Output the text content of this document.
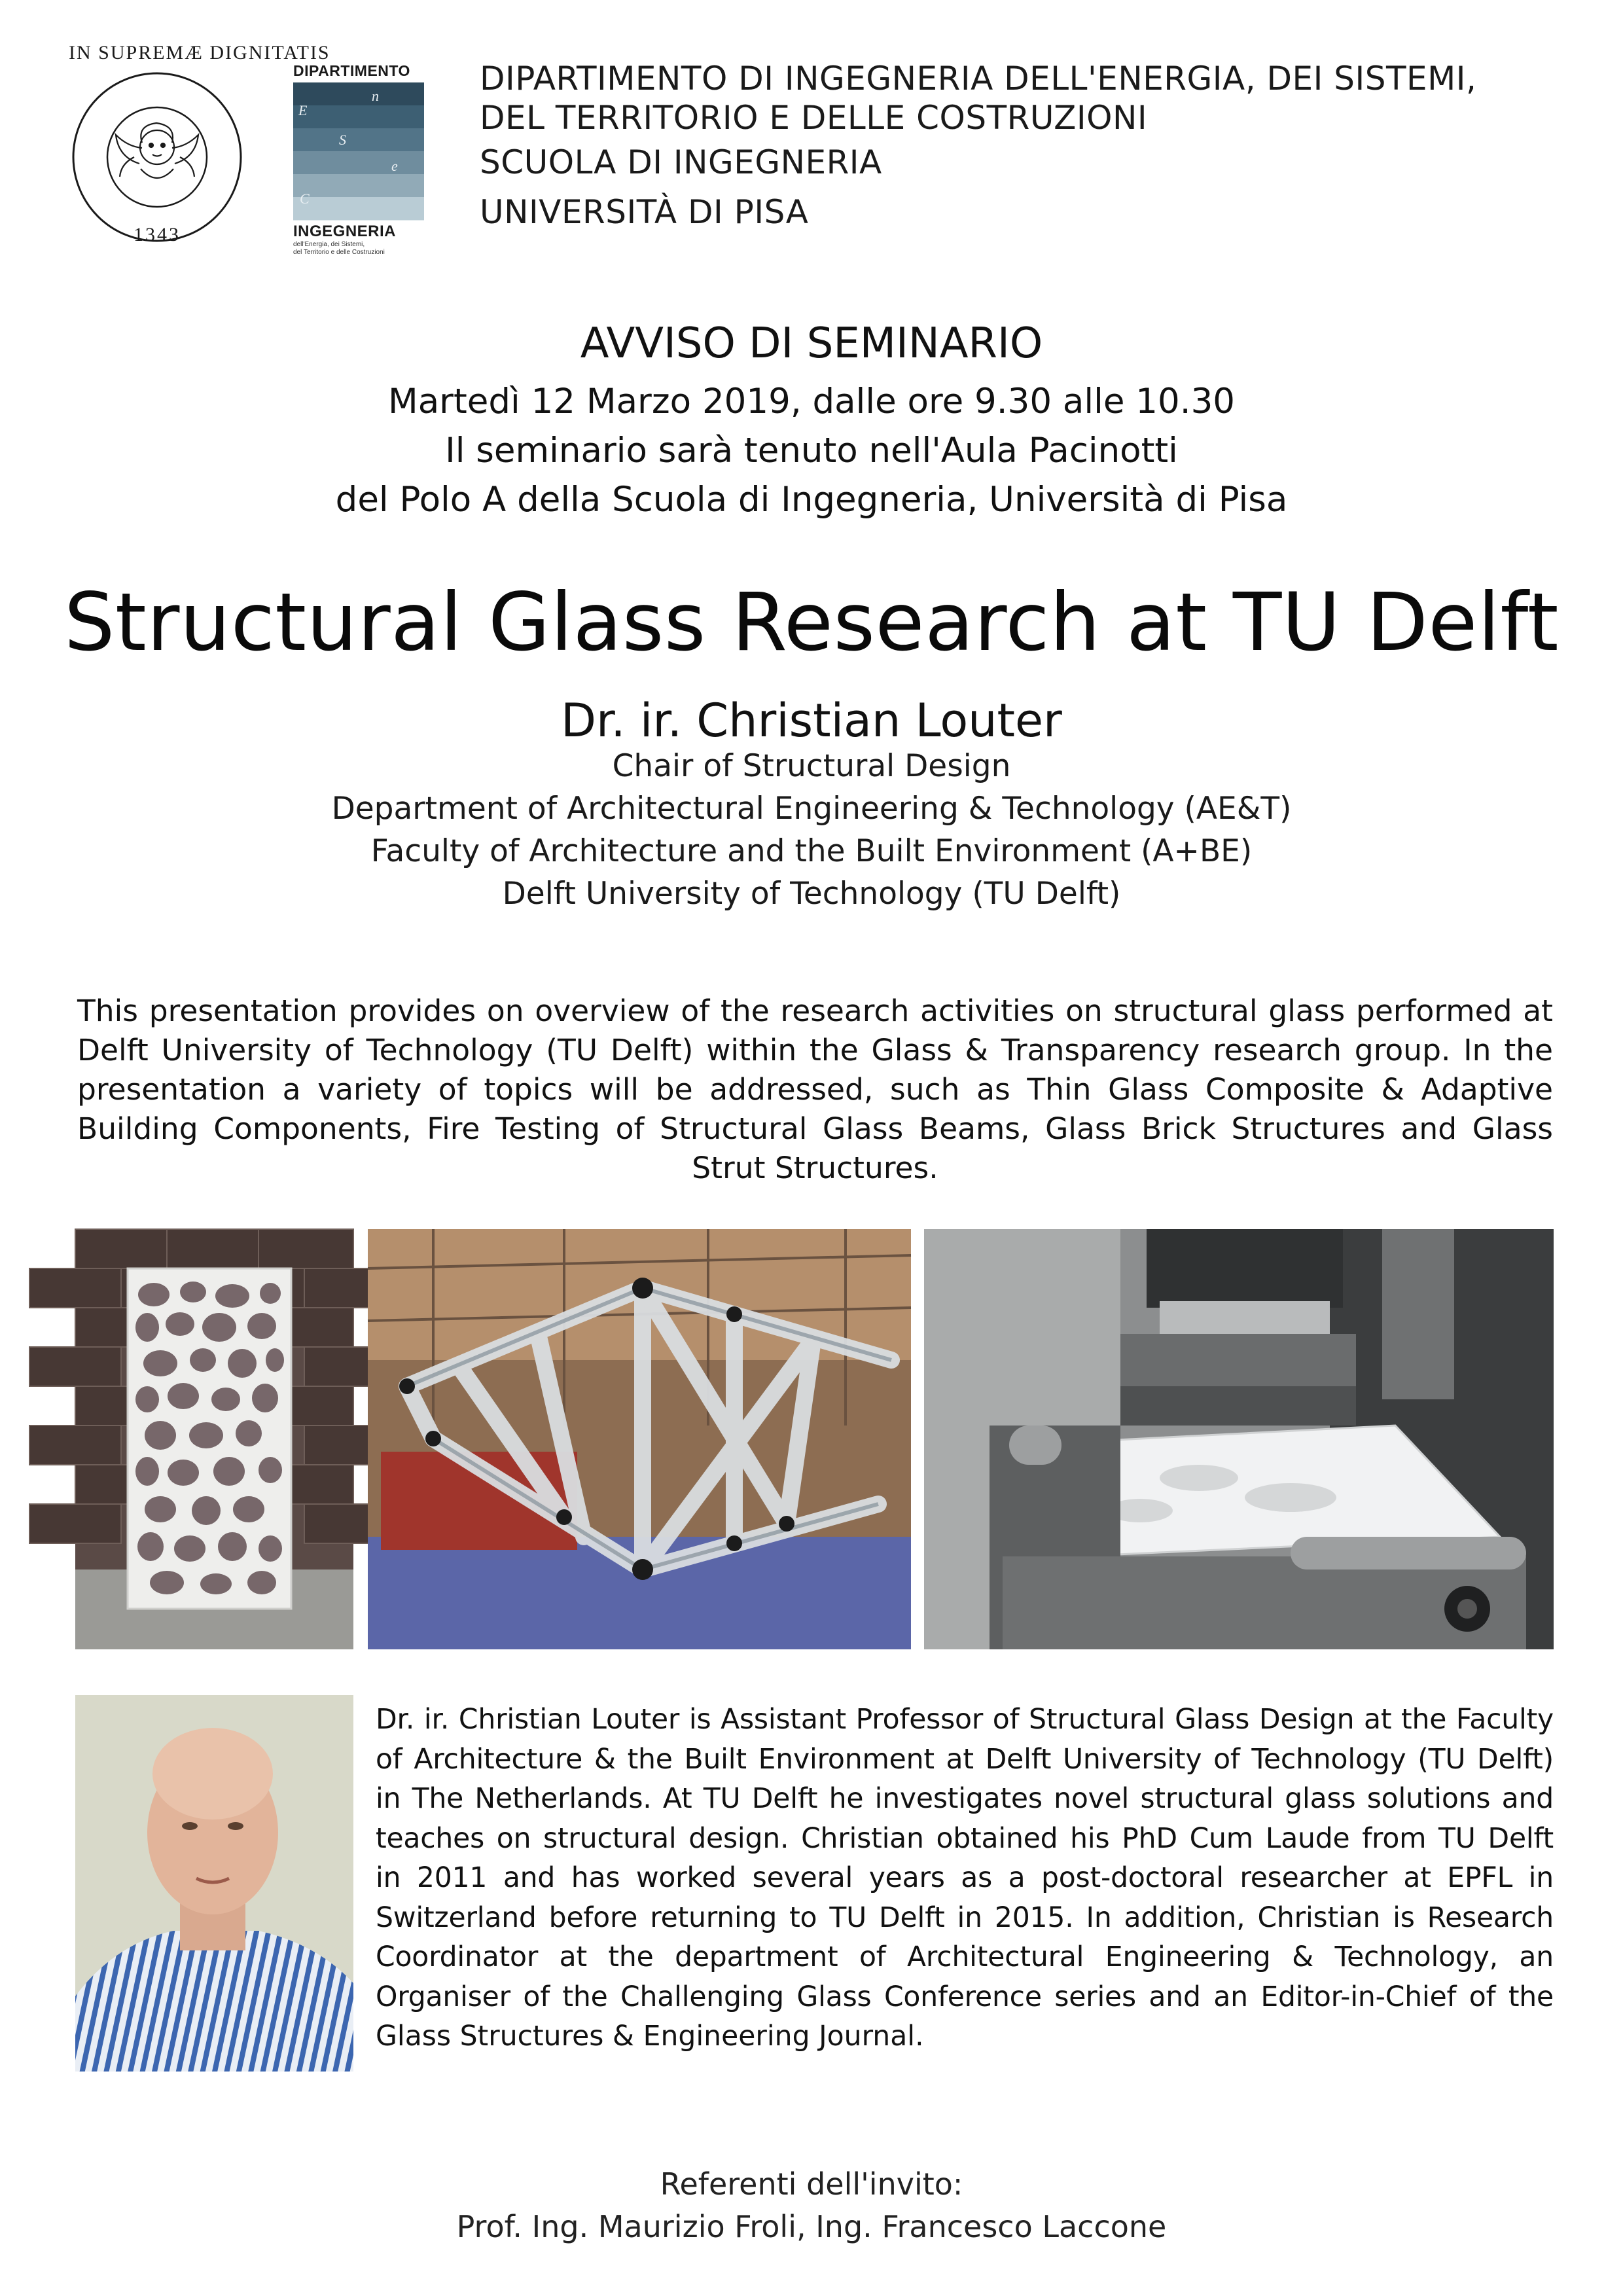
IN SUPREMÆ DIGNITATIS
1343
DIPARTIMENTO
E
n
S
e
C
INGEGNERIA
dell'Energia, dei Sistemi,
del Territorio e delle Costruzioni
DIPARTIMENTO DI INGEGNERIA DELL'ENERGIA, DEI SISTEMI,
DEL TERRITORIO E DELLE COSTRUZIONI
SCUOLA DI INGEGNERIA
UNIVERSITÀ DI PISA
AVVISO DI SEMINARIO
Martedì 12 Marzo 2019, dalle ore 9.30 alle 10.30
Il seminario sarà tenuto nell'Aula Pacinotti
del Polo A della Scuola di Ingegneria, Università di Pisa
Structural Glass Research at TU Delft
Dr. ir. Christian Louter
Chair of Structural Design
Department of Architectural Engineering & Technology (AE&T)
Faculty of Architecture and the Built Environment (A+BE)
Delft University of Technology (TU Delft)
This presentation provides on overview of the research activities on structural glass performed at
Delft University of Technology (TU Delft) within the Glass & Transparency research group. In the
presentation a variety of topics will be addressed, such as Thin Glass Composite & Adaptive
Building Components, Fire Testing of Structural Glass Beams, Glass Brick Structures and Glass
Strut Structures.
Dr. ir. Christian Louter is Assistant Professor of Structural Glass Design at the Faculty
of Architecture & the Built Environment at Delft University of Technology (TU Delft)
in The Netherlands. At TU Delft he investigates novel structural glass solutions and
teaches on structural design. Christian obtained his PhD Cum Laude from TU Delft
in 2011 and has worked several years as a post-doctoral researcher at EPFL in
Switzerland before returning to TU Delft in 2015. In addition, Christian is Research
Coordinator at the department of Architectural Engineering & Technology, an
Organiser of the Challenging Glass Conference series and an Editor-in-Chief of the
Glass Structures & Engineering Journal.
Referenti dell'invito:
Prof. Ing. Maurizio Froli, Ing. Francesco Laccone
